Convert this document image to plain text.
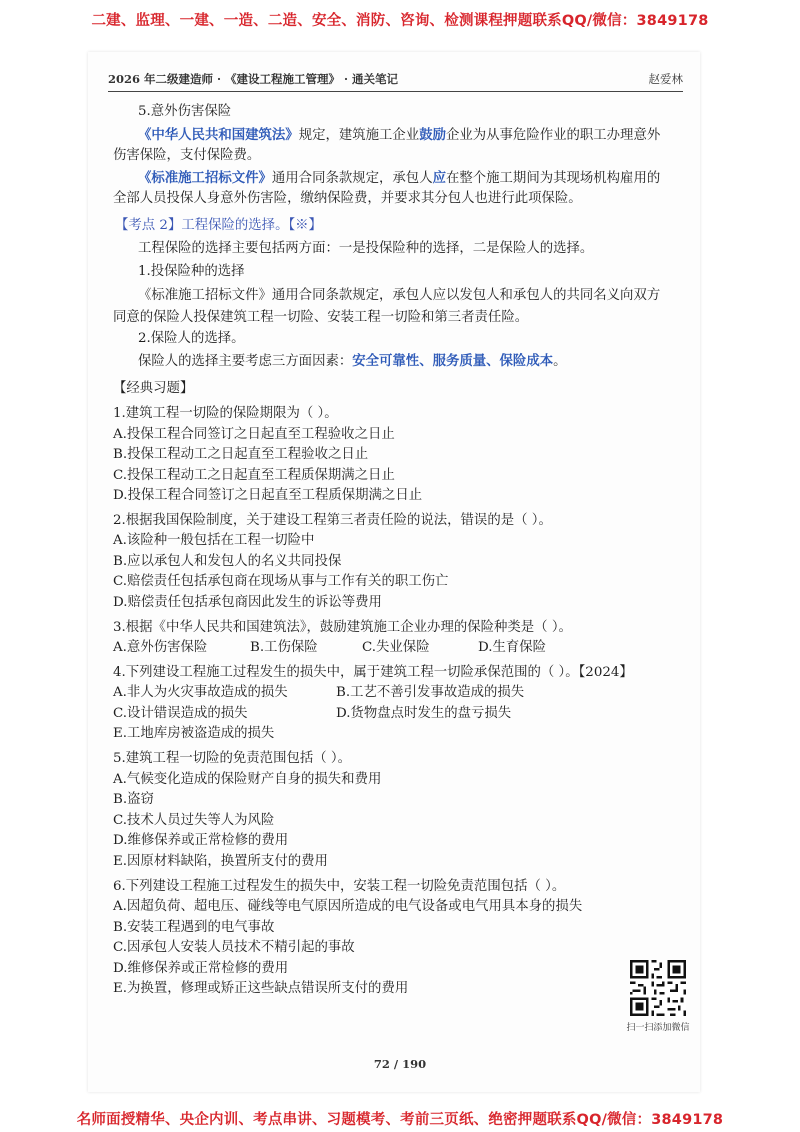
二建、监理、一建、一造、二造、安全、消防、咨询、检测课程押题联系QQ/微信：3849178
2026 年二级建造师 · 《建设工程施工管理》 · 通关笔记	赵爱林
5.意外伤害保险
《中华人民共和国建筑法》规定，建筑施工企业鼓励企业为从事危险作业的职工办理意外
伤害保险，支付保险费。
《标准施工招标文件》通用合同条款规定，承包人应在整个施工期间为其现场机构雇用的
全部人员投保人身意外伤害险，缴纳保险费，并要求其分包人也进行此项保险。
【考点 2】工程保险的选择。【※】
工程保险的选择主要包括两方面：一是投保险种的选择，二是保险人的选择。
1.投保险种的选择
《标准施工招标文件》通用合同条款规定，承包人应以发包人和承包人的共同名义向双方
同意的保险人投保建筑工程一切险、安装工程一切险和第三者责任险。
2.保险人的选择。
保险人的选择主要考虑三方面因素：安全可靠性、服务质量、保险成本。
【经典习题】
1.建筑工程一切险的保险期限为（ ）。
A.投保工程合同签订之日起直至工程验收之日止
B.投保工程动工之日起直至工程验收之日止
C.投保工程动工之日起直至工程质保期满之日止
D.投保工程合同签订之日起直至工程质保期满之日止
2.根据我国保险制度，关于建设工程第三者责任险的说法，错误的是（ ）。
A.该险种一般包括在工程一切险中
B.应以承包人和发包人的名义共同投保
C.赔偿责任包括承包商在现场从事与工作有关的职工伤亡
D.赔偿责任包括承包商因此发生的诉讼等费用
3.根据《中华人民共和国建筑法》，鼓励建筑施工企业办理的保险种类是（ ）。
A.意外伤害保险	B.工伤保险	C.失业保险	D.生育保险
4.下列建设工程施工过程发生的损失中，属于建筑工程一切险承保范围的（ ）。【2024】
A.非人为火灾事故造成的损失	B.工艺不善引发事故造成的损失
C.设计错误造成的损失	D.货物盘点时发生的盘亏损失
E.工地库房被盗造成的损失
5.建筑工程一切险的免责范围包括（ ）。
A.气候变化造成的保险财产自身的损失和费用
B.盗窃
C.技术人员过失等人为风险
D.维修保养或正常检修的费用
E.因原材料缺陷，换置所支付的费用
6.下列建设工程施工过程发生的损失中，安装工程一切险免责范围包括（ ）。
A.因超负荷、超电压、碰线等电气原因所造成的电气设备或电气用具本身的损失
B.安装工程遇到的电气事故
C.因承包人安装人员技术不精引起的事故
D.维修保养或正常检修的费用
E.为换置，修理或矫正这些缺点错误所支付的费用
扫一扫添加微信
72 / 190
名师面授精华、央企内训、考点串讲、习题模考、考前三页纸、绝密押题联系QQ/微信：3849178
